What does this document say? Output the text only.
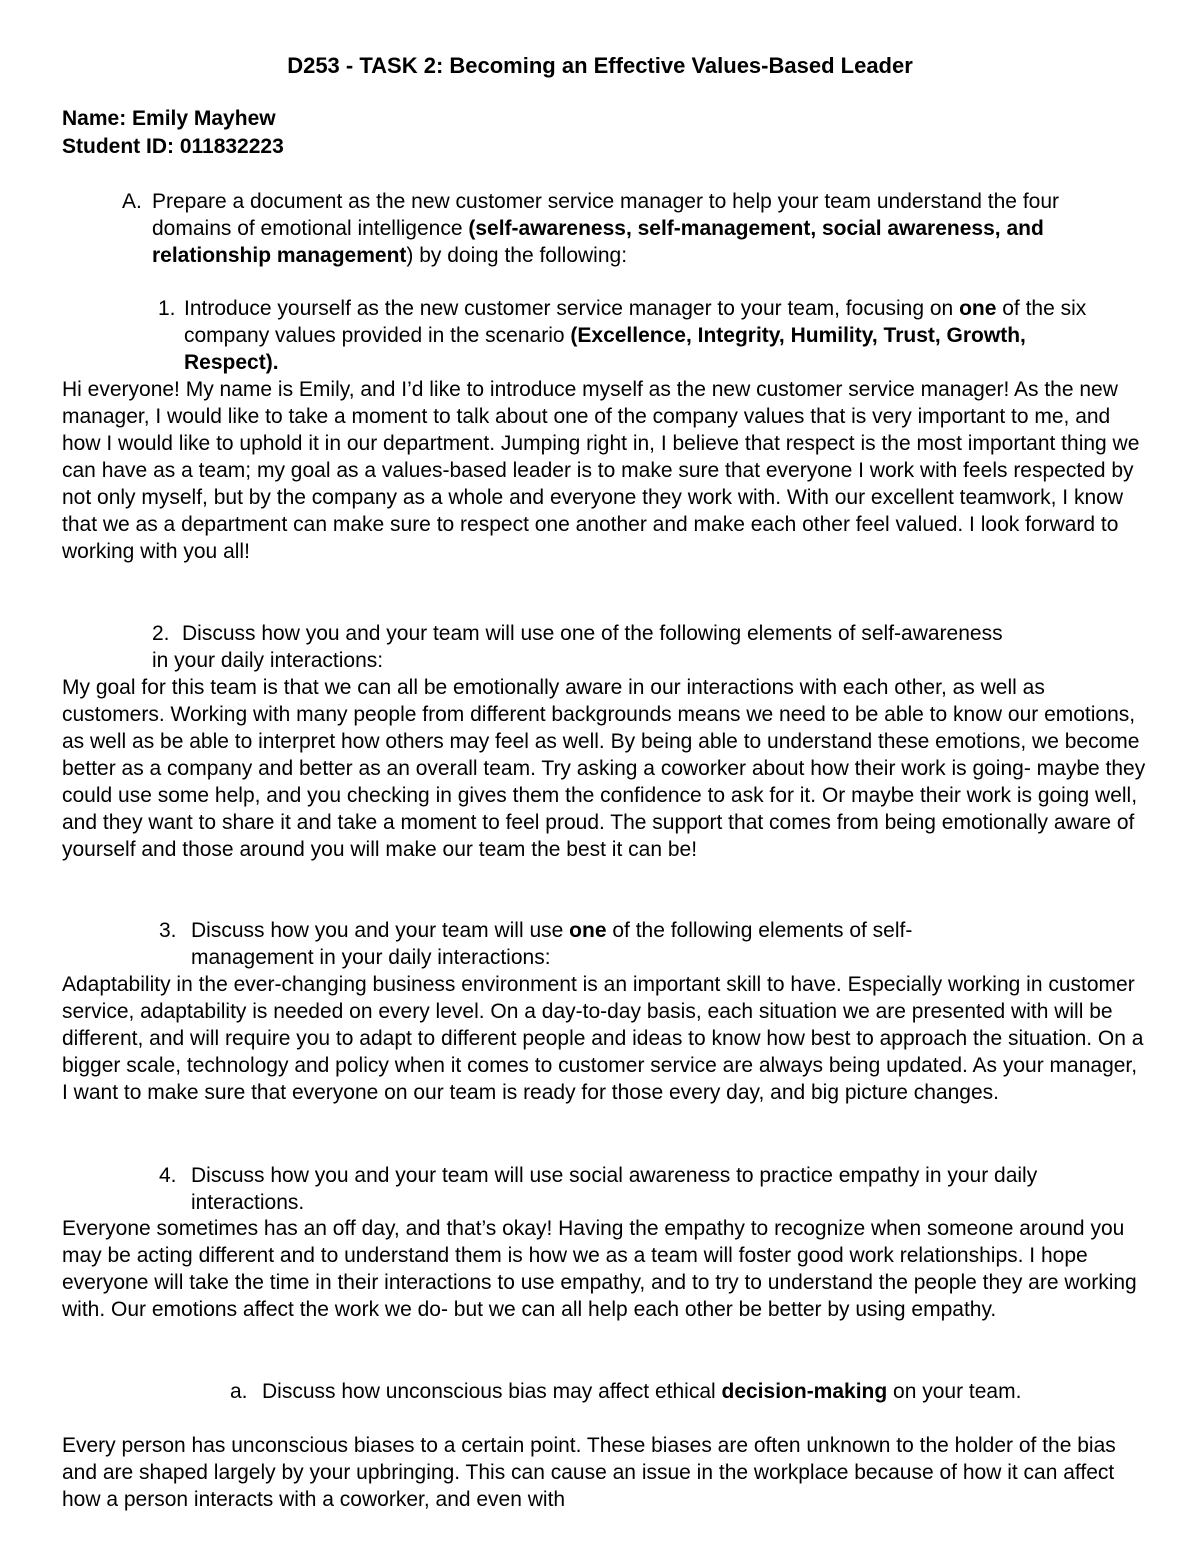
D253 - TASK 2: Becoming an Effective Values-Based Leader
Name: Emily Mayhew
Student ID: 011832223
A. Prepare a document as the new customer service manager to help your team understand the four domains of emotional intelligence (self-awareness, self-management, social awareness, and relationship management) by doing the following:
1. Introduce yourself as the new customer service manager to your team, focusing on one of the six company values provided in the scenario (Excellence, Integrity, Humility, Trust, Growth, Respect).

Hi everyone! My name is Emily, and I’d like to introduce myself as the new customer service manager! As the new manager, I would like to take a moment to talk about one of the company values that is very important to me, and how I would like to uphold it in our department. Jumping right in, I believe that respect is the most important thing we can have as a team; my goal as a values-based leader is to make sure that everyone I work with feels respected by not only myself, but by the company as a whole and everyone they work with. With our excellent teamwork, I know that we as a department can make sure to respect one another and make each other feel valued. I look forward to working with you all!

2. Discuss how you and your team will use one of the following elements of self-awareness in your daily interactions:

My goal for this team is that we can all be emotionally aware in our interactions with each other, as well as customers. Working with many people from different backgrounds means we need to be able to know our emotions, as well as be able to interpret how others may feel as well. By being able to understand these emotions, we become better as a company and better as an overall team. Try asking a coworker about how their work is going- maybe they could use some help, and you checking in gives them the confidence to ask for it. Or maybe their work is going well, and they want to share it and take a moment to feel proud. The support that comes from being emotionally aware of yourself and those around you will make our team the best it can be!

3. Discuss how you and your team will use one of the following elements of self-management in your daily interactions:

Adaptability in the ever-changing business environment is an important skill to have. Especially working in customer service, adaptability is needed on every level. On a day-to-day basis, each situation we are presented with will be different, and will require you to adapt to different people and ideas to know how best to approach the situation. On a bigger scale, technology and policy when it comes to customer service are always being updated. As your manager, I want to make sure that everyone on our team is ready for those every day, and big picture changes.

4. Discuss how you and your team will use social awareness to practice empathy in your daily interactions.

Everyone sometimes has an off day, and that’s okay! Having the empathy to recognize when someone around you may be acting different and to understand them is how we as a team will foster good work relationships. I hope everyone will take the time in their interactions to use empathy, and to try to understand the people they are working with. Our emotions affect the work we do- but we can all help each other be better by using empathy.

a. Discuss how unconscious bias may affect ethical decision-making on your team.

Every person has unconscious biases to a certain point. These biases are often unknown to the holder of the bias and are shaped largely by your upbringing. This can cause an issue in the workplace because of how it can affect how a person interacts with a coworker, and even with
